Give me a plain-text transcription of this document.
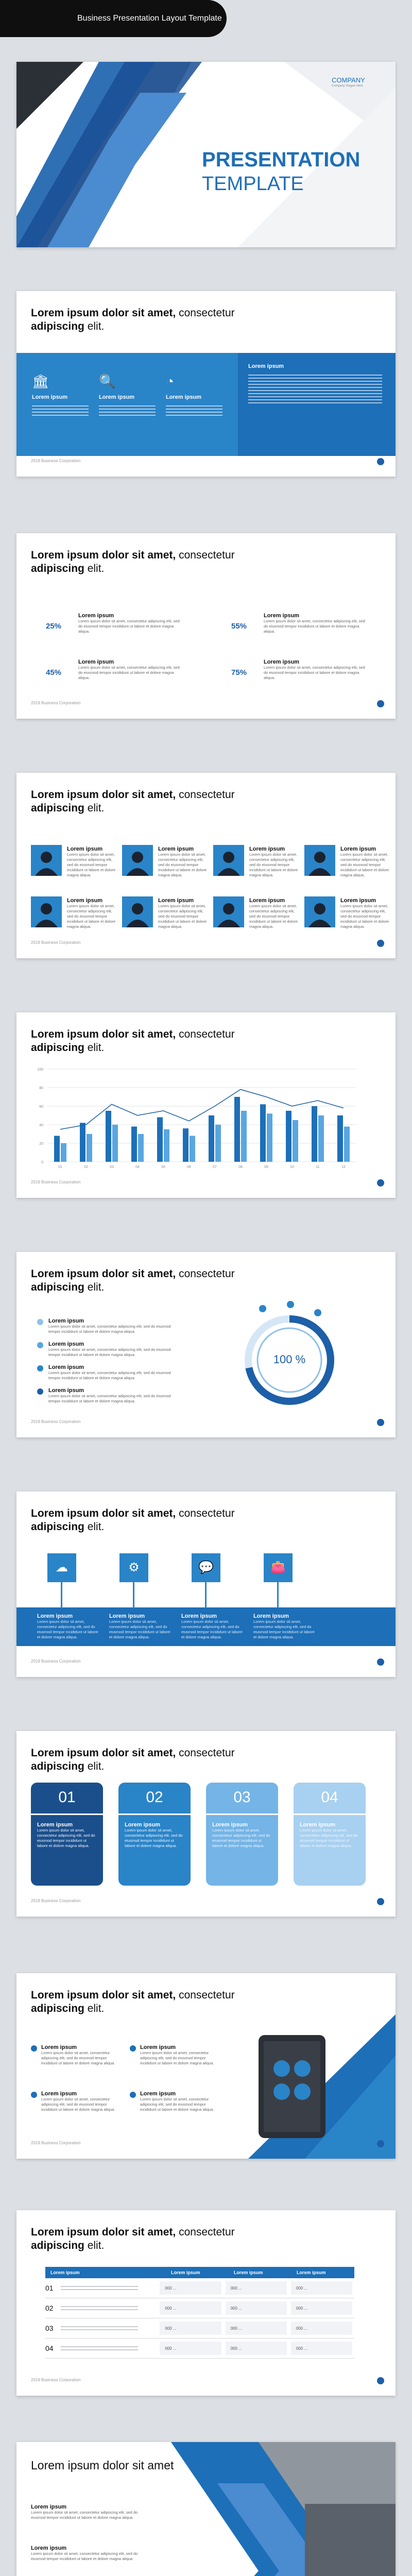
Business Presentation Layout Template
COMPANY
Company Slogan Here
PRESENTATION
TEMPLATE
Lorem ipsum dolor sit amet, consectetur
adipiscing elit.
🏛	🔍	◔
Lorem ipsum	Lorem ipsum	Lorem ipsum
Lorem ipsum
2019 Business Corporation
Lorem ipsum dolor sit amet, consectetur
adipiscing elit.
2019 Business Corporation
25%
Lorem ipsum
Lorem ipsum dolor sit amet, consectetur adipiscing elit, sed do eiusmod tempor incididunt ut labore et dolore magna aliqua.
55%
Lorem ipsum
Lorem ipsum dolor sit amet, consectetur adipiscing elit, sed do eiusmod tempor incididunt ut labore et dolore magna aliqua.
45%
Lorem ipsum
Lorem ipsum dolor sit amet, consectetur adipiscing elit, sed do eiusmod tempor incididunt ut labore et dolore magna aliqua.
75%
Lorem ipsum
Lorem ipsum dolor sit amet, consectetur adipiscing elit, sed do eiusmod tempor incididunt ut labore et dolore magna aliqua.
Lorem ipsum dolor sit amet, consectetur
adipiscing elit.
2019 Business Corporation
Lorem ipsum
Lorem ipsum dolor sit amet, consectetur adipiscing elit, sed do eiusmod tempor incididunt ut labore et dolore magna aliqua.
Lorem ipsum
Lorem ipsum dolor sit amet, consectetur adipiscing elit, sed do eiusmod tempor incididunt ut labore et dolore magna aliqua.
Lorem ipsum
Lorem ipsum dolor sit amet, consectetur adipiscing elit, sed do eiusmod tempor incididunt ut labore et dolore magna aliqua.
Lorem ipsum
Lorem ipsum dolor sit amet, consectetur adipiscing elit, sed do eiusmod tempor incididunt ut labore et dolore magna aliqua.
Lorem ipsum
Lorem ipsum dolor sit amet, consectetur adipiscing elit, sed do eiusmod tempor incididunt ut labore et dolore magna aliqua.
Lorem ipsum
Lorem ipsum dolor sit amet, consectetur adipiscing elit, sed do eiusmod tempor incididunt ut labore et dolore magna aliqua.
Lorem ipsum
Lorem ipsum dolor sit amet, consectetur adipiscing elit, sed do eiusmod tempor incididunt ut labore et dolore magna aliqua.
Lorem ipsum
Lorem ipsum dolor sit amet, consectetur adipiscing elit, sed do eiusmod tempor incididunt ut labore et dolore magna aliqua.
Lorem ipsum dolor sit amet, consectetur
adipiscing elit.
100
80
60
40
20
0
01	02	03	04	05	06	07	08	09	10	11	12
2019 Business Corporation
Lorem ipsum dolor sit amet, consectetur
adipiscing elit.
100 %
2019 Business Corporation
Lorem ipsum
Lorem ipsum dolor sit amet, consectetur adipiscing elit, sed do eiusmod tempor incididunt ut labore et dolore magna aliqua.
Lorem ipsum
Lorem ipsum dolor sit amet, consectetur adipiscing elit, sed do eiusmod tempor incididunt ut labore et dolore magna aliqua.
Lorem ipsum
Lorem ipsum dolor sit amet, consectetur adipiscing elit, sed do eiusmod tempor incididunt ut labore et dolore magna aliqua.
Lorem ipsum
Lorem ipsum dolor sit amet, consectetur adipiscing elit, sed do eiusmod tempor incididunt ut labore et dolore magna aliqua.
Lorem ipsum dolor sit amet, consectetur
adipiscing elit.
2019 Business Corporation
☁
Lorem ipsum
Lorem ipsum dolor sit amet, consectetur adipiscing elit, sed do eiusmod tempor incididunt ut labore et dolore magna aliqua.
⚙
Lorem ipsum
Lorem ipsum dolor sit amet, consectetur adipiscing elit, sed do eiusmod tempor incididunt ut labore et dolore magna aliqua.
💬
Lorem ipsum
Lorem ipsum dolor sit amet, consectetur adipiscing elit, sed do eiusmod tempor incididunt ut labore et dolore magna aliqua.
👛
Lorem ipsum
Lorem ipsum dolor sit amet, consectetur adipiscing elit, sed do eiusmod tempor incididunt ut labore et dolore magna aliqua.
Lorem ipsum dolor sit amet, consectetur
adipiscing elit.
2019 Business Corporation
01
Lorem ipsum
Lorem ipsum dolor sit amet, consectetur adipiscing elit, sed do eiusmod tempor incididunt ut labore et dolore magna aliqua.
02
Lorem ipsum
Lorem ipsum dolor sit amet, consectetur adipiscing elit, sed do eiusmod tempor incididunt ut labore et dolore magna aliqua.
03
Lorem ipsum
Lorem ipsum dolor sit amet, consectetur adipiscing elit, sed do eiusmod tempor incididunt ut labore et dolore magna aliqua.
04
Lorem ipsum
Lorem ipsum dolor sit amet, consectetur adipiscing elit, sed do eiusmod tempor incididunt ut labore et dolore magna aliqua.
Lorem ipsum dolor sit amet, consectetur
adipiscing elit.
2019 Business Corporation
Lorem ipsum
Lorem ipsum dolor sit amet, consectetur adipiscing elit, sed do eiusmod tempor incididunt ut labore et dolore magna aliqua.
Lorem ipsum
Lorem ipsum dolor sit amet, consectetur adipiscing elit, sed do eiusmod tempor incididunt ut labore et dolore magna aliqua.
Lorem ipsum
Lorem ipsum dolor sit amet, consectetur adipiscing elit, sed do eiusmod tempor incididunt ut labore et dolore magna aliqua.
Lorem ipsum
Lorem ipsum dolor sit amet, consectetur adipiscing elit, sed do eiusmod tempor incididunt ut labore et dolore magna aliqua.
Lorem ipsum dolor sit amet, consectetur
adipiscing elit.
Lorem ipsum	Lorem ipsum	Lorem ipsum	Lorem ipsum
01	000 ...	000 ...	000 ...
02	000 ...	000 ...	000 ...
03	000 ...	000 ...	000 ...
04	000 ...	000 ...	000 ...
2019 Business Corporation
Lorem ipsum dolor sit amet
Lorem ipsum
Lorem ipsum dolor sit amet, consectetur adipiscing elit, sed do eiusmod tempor incididunt ut labore et dolore magna aliqua.
Lorem ipsum
Lorem ipsum dolor sit amet, consectetur adipiscing elit, sed do eiusmod tempor incididunt ut labore et dolore magna aliqua.
